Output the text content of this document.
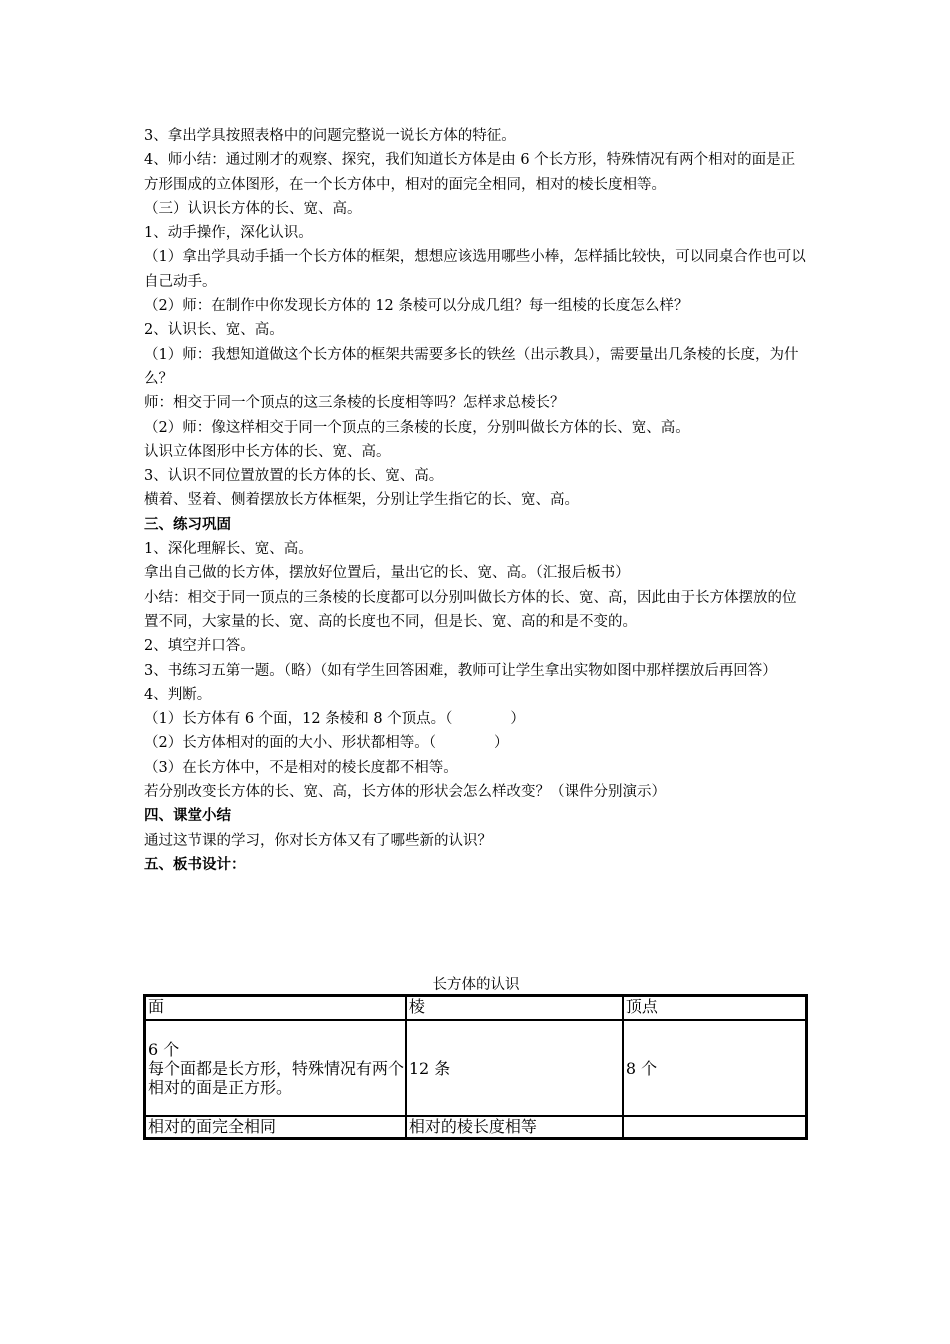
3、拿出学具按照表格中的问题完整说一说长方体的特征。

4、师小结：通过刚才的观察、探究，我们知道长方体是由 6 个长方形，特殊情况有两个相对的面是正方形围成的立体图形，在一个长方体中，相对的面完全相同，相对的棱长度相等。

（三）认识长方体的长、宽、高。

1、动手操作，深化认识。

（1）拿出学具动手插一个长方体的框架，想想应该选用哪些小棒，怎样插比较快，可以同桌合作也可以自己动手。

（2）师：在制作中你发现长方体的 12 条棱可以分成几组？每一组棱的长度怎么样？

2、认识长、宽、高。

（1）师：我想知道做这个长方体的框架共需要多长的铁丝（出示教具），需要量出几条棱的长度，为什么？

师：相交于同一个顶点的这三条棱的长度相等吗？怎样求总棱长？

（2）师：像这样相交于同一个顶点的三条棱的长度，分别叫做长方体的长、宽、高。

认识立体图形中长方体的长、宽、高。

3、认识不同位置放置的长方体的长、宽、高。

横着、竖着、侧着摆放长方体框架，分别让学生指它的长、宽、高。

三、练习巩固

1、深化理解长、宽、高。

拿出自己做的长方体，摆放好位置后，量出它的长、宽、高。（汇报后板书）

小结：相交于同一顶点的三条棱的长度都可以分别叫做长方体的长、宽、高，因此由于长方体摆放的位置不同，大家量的长、宽、高的长度也不同，但是长、宽、高的和是不变的。

2、填空并口答。

3、书练习五第一题。（略）（如有学生回答困难，教师可让学生拿出实物如图中那样摆放后再回答）

4、判断。

（1）长方体有 6 个面，12 条棱和 8 个顶点。（　　　　）

（2）长方体相对的面的大小、形状都相等。（　　　　）

（3）在长方体中，不是相对的棱长度都不相等。

若分别改变长方体的长、宽、高，长方体的形状会怎么样改变？（课件分别演示）

四、课堂小结

通过这节课的学习，你对长方体又有了哪些新的认识？

五、板书设计：

长方体的认识
面	棱	顶点

6 个
每个面都是长方形，特殊情况有两个相对的面是正方形。	12 条	8 个
相对的面完全相同	相对的棱长度相等	
